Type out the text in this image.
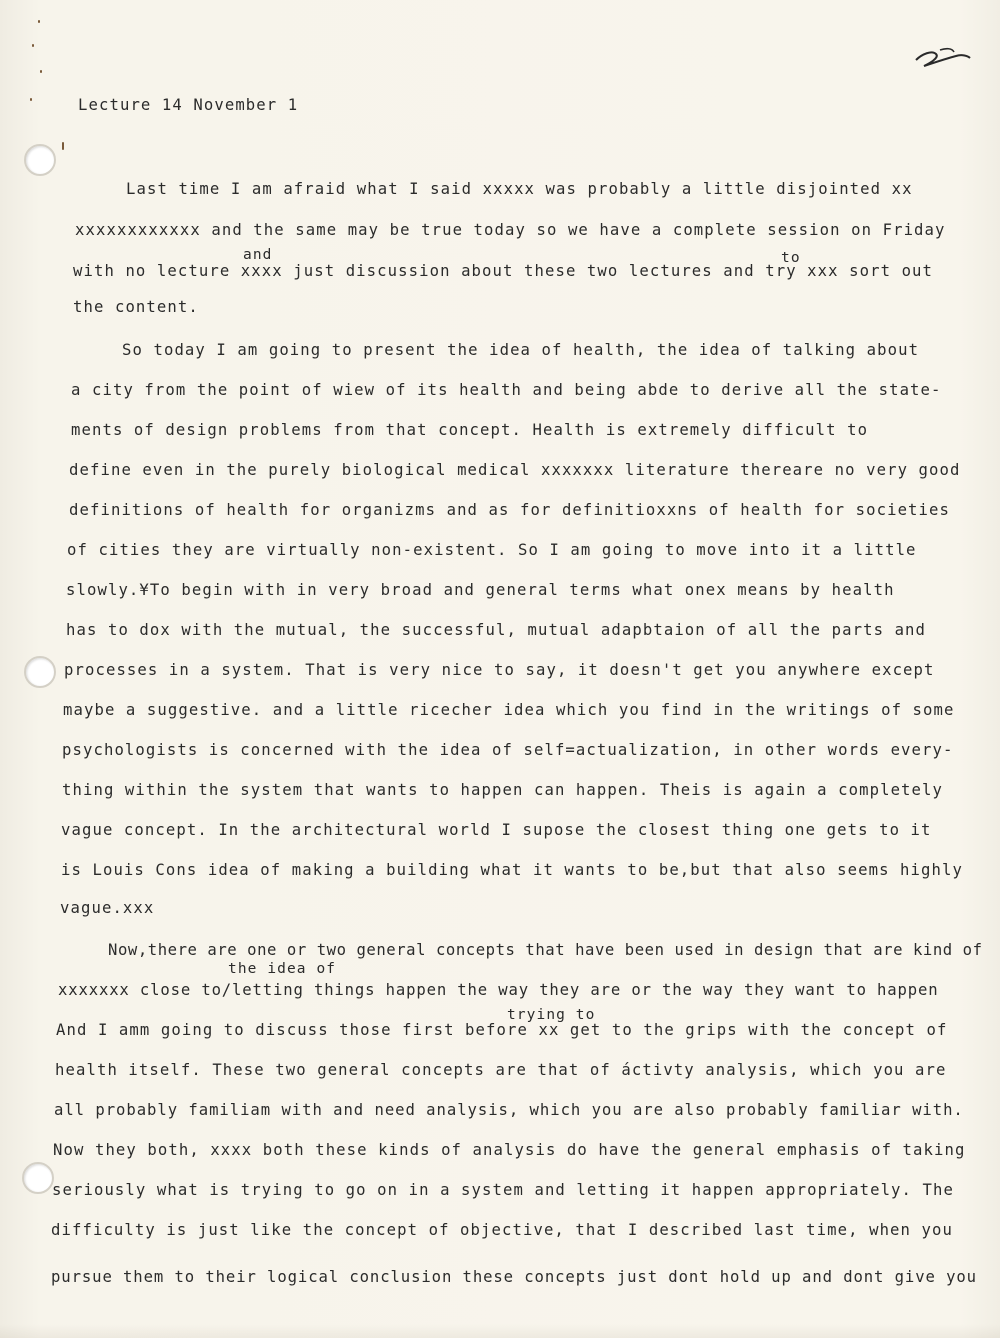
Lecture 14 November 1
Last time I am afraid what I said xxxxx was probably a little disjointed xx
xxxxxxxxxxxx and the same may be true today so we have a complete session on Friday
and	to
with no lecture xxxx just discussion about these two lectures and try xxx sort out
the content.
So today I am going to present the idea of health, the idea of talking about
a city from the point of wiew of its health and being abde to derive all the state-
ments of design problems from that concept. Health is extremely difficult to
define even in the purely biological medical xxxxxxx literature thereare no very good
definitions of health for organizms and as for definitioxxns of health for societies
of cities they are virtually non-existent. So I am going to move into it a little
slowly.¥To begin with in very broad and general terms what onex means by health
has to dox with the mutual, the successful, mutual adapbtaion of all the parts and
processes in a system. That is very nice to say, it doesn't get you anywhere except
maybe a suggestive. and a little ricecher idea which you find in the writings of some
psychologists is concerned with the idea of self=actualization, in other words every-
thing within the system that wants to happen can happen. Theis is again a completely
vague concept. In the architectural world I supose the closest thing one gets to it
is Louis Cons idea of making a building what it wants to be,but that also seems highly
vague.xxx
Now,there are one or two general concepts that have been used in design that are kind of
the idea of
xxxxxxx close to/letting things happen the way they are or the way they want to happen
trying to
And I amm going to discuss those first before xx get to the grips with the concept of
health itself. These two general concepts are that of áctivty analysis, which you are
all probably familiam with and need analysis, which you are also probably familiar with.
Now they both, xxxx both these kinds of analysis do have the general emphasis of taking
seriously what is trying to go on in a system and letting it happen appropriately. The
difficulty is just like the concept of objective, that I described last time, when you
pursue them to their logical conclusion these concepts just dont hold up and dont give you
